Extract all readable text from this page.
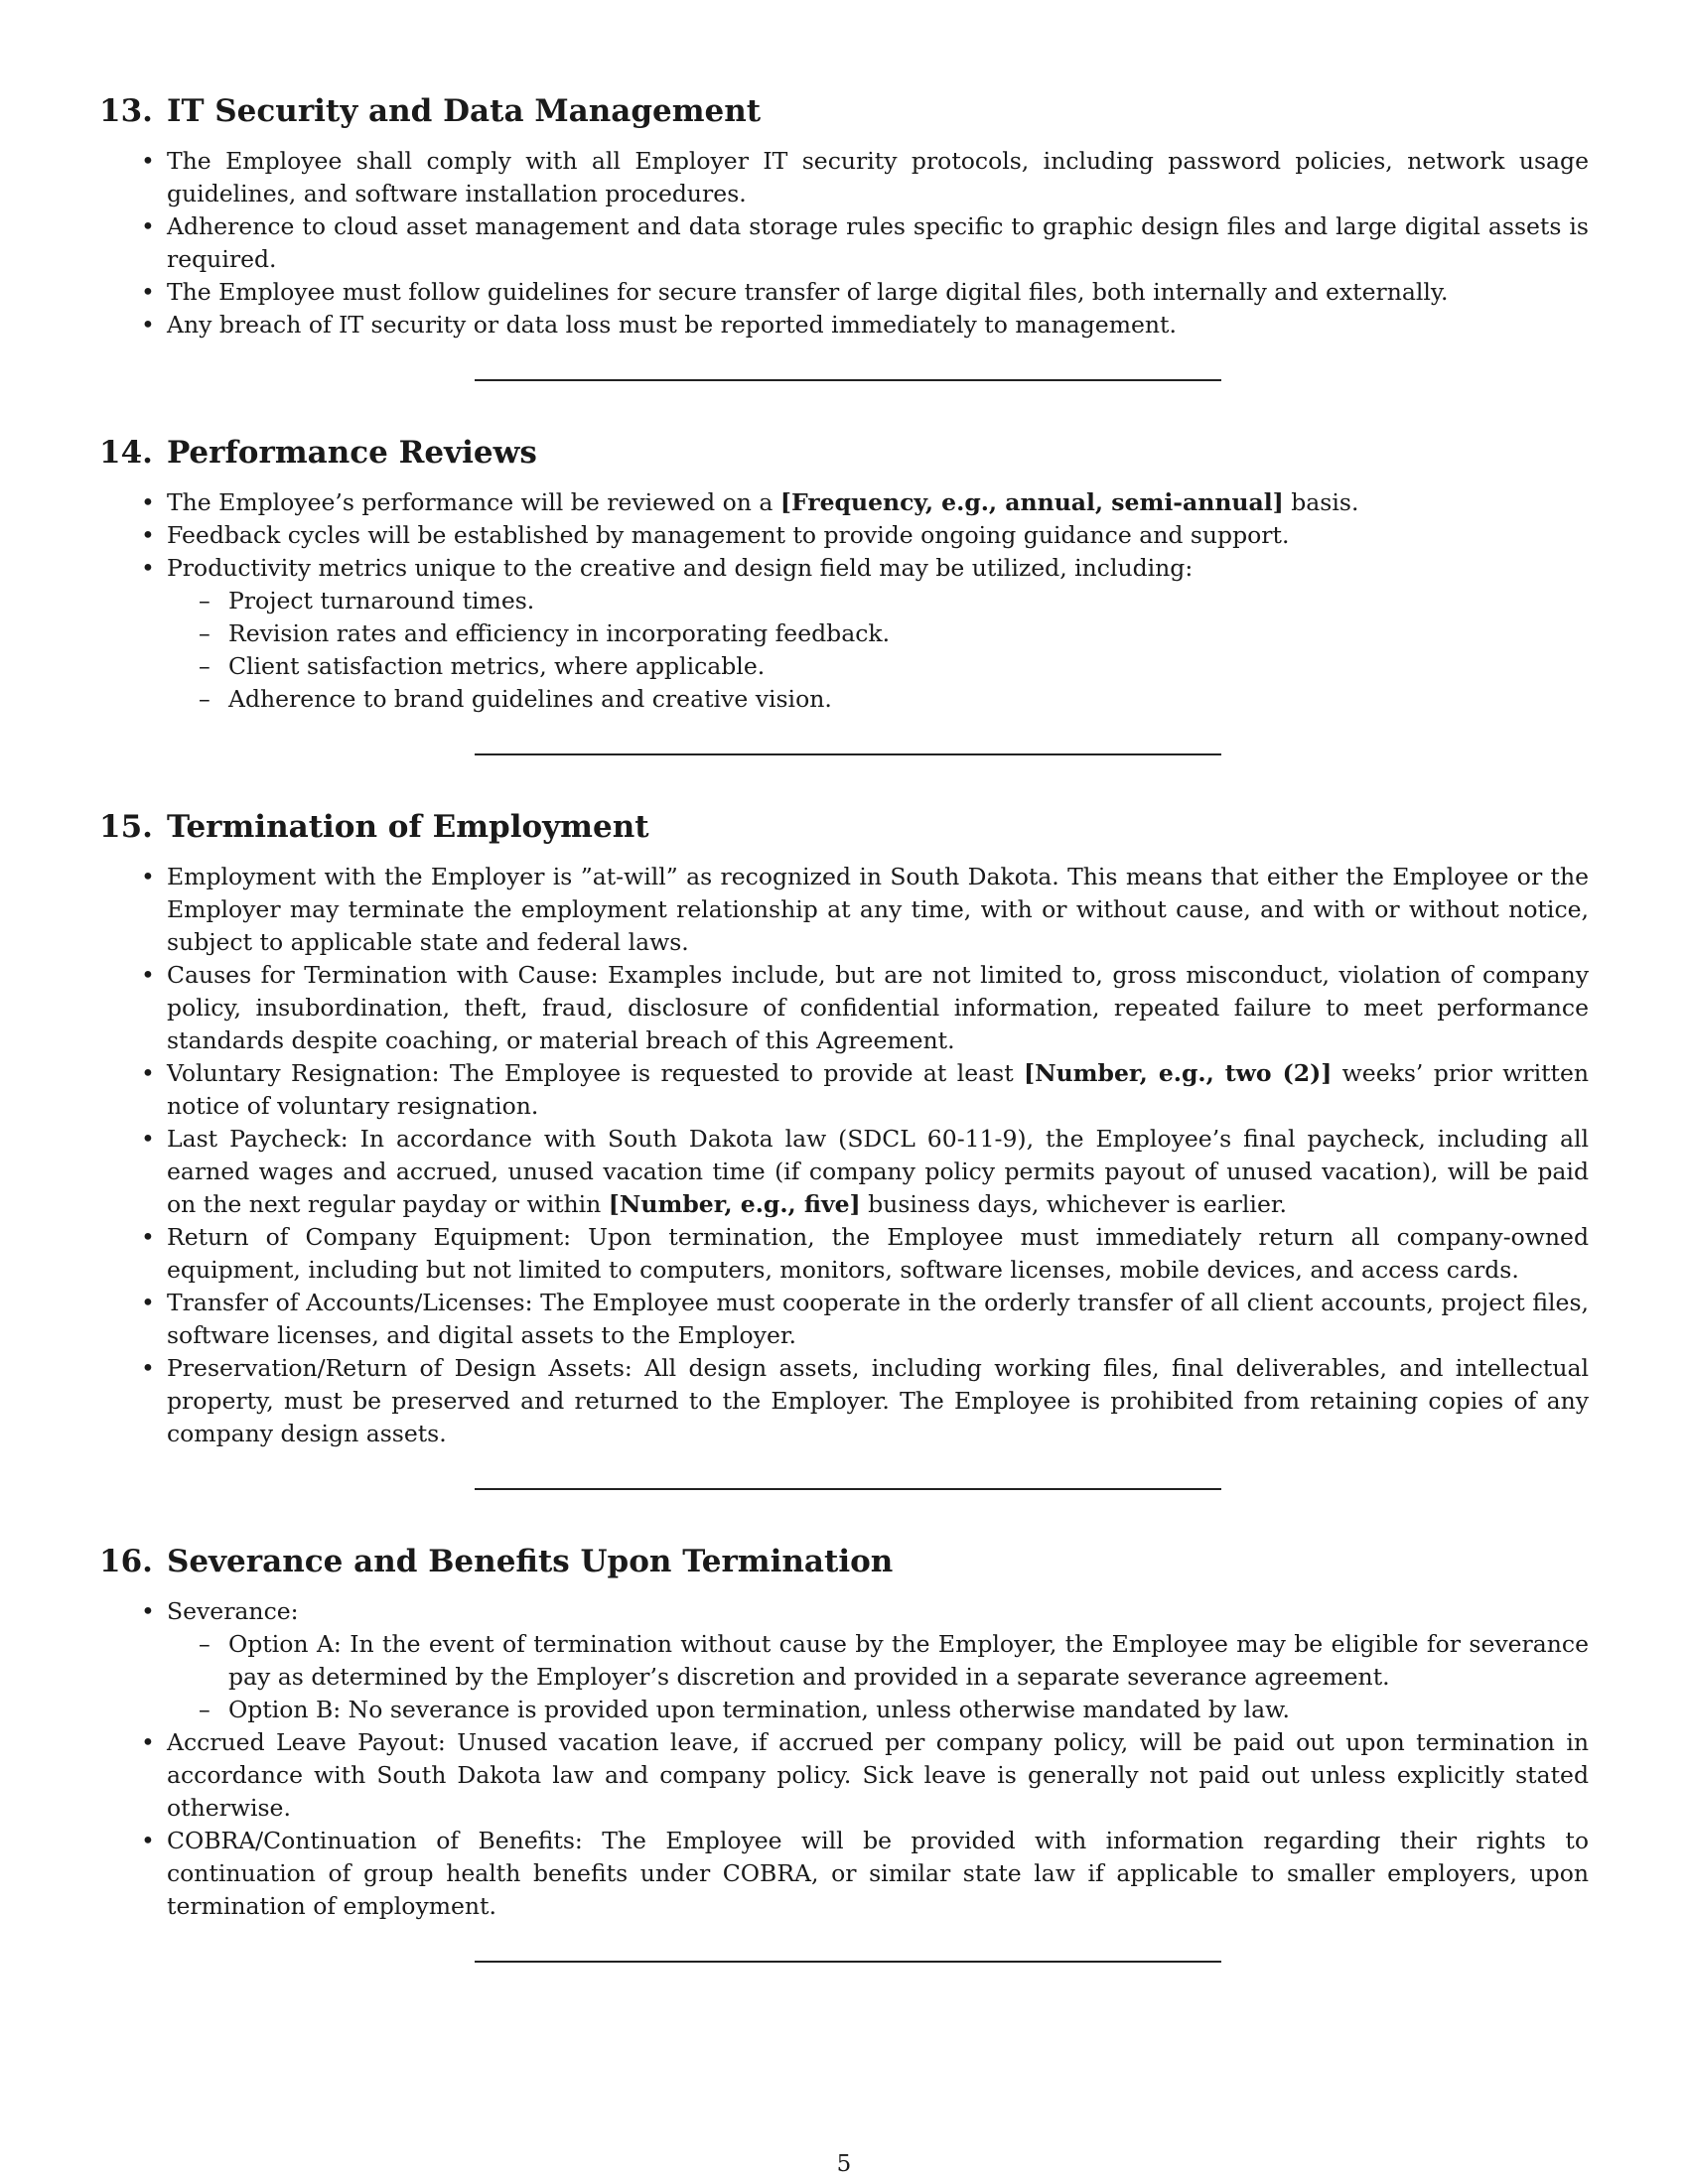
13. IT Security and Data Management
• The Employee shall comply with all Employer IT security protocols, including password policies, network usage guidelines, and software installation procedures.
• Adherence to cloud asset management and data storage rules specific to graphic design files and large digital assets is required.
• The Employee must follow guidelines for secure transfer of large digital files, both internally and externally.
• Any breach of IT security or data loss must be reported immediately to management.
14. Performance Reviews
• The Employee’s performance will be reviewed on a [Frequency, e.g., annual, semi-annual] basis.
• Feedback cycles will be established by management to provide ongoing guidance and support.
• Productivity metrics unique to the creative and design field may be utilized, including:
– Project turnaround times.
– Revision rates and efficiency in incorporating feedback.
– Client satisfaction metrics, where applicable.
– Adherence to brand guidelines and creative vision.
15. Termination of Employment
• Employment with the Employer is ”at-will” as recognized in South Dakota. This means that either the Employee or the Employer may terminate the employment relationship at any time, with or without cause, and with or without notice, subject to applicable state and federal laws.
• Causes for Termination with Cause: Examples include, but are not limited to, gross misconduct, violation of company policy, insubordination, theft, fraud, disclosure of confidential information, repeated failure to meet performance standards despite coaching, or material breach of this Agreement.
• Voluntary Resignation: The Employee is requested to provide at least [Number, e.g., two (2)] weeks’ prior written notice of voluntary resignation.
• Last Paycheck: In accordance with South Dakota law (SDCL 60-11-9), the Employee’s final paycheck, including all earned wages and accrued, unused vacation time (if company policy permits payout of unused vacation), will be paid on the next regular payday or within [Number, e.g., five] business days, whichever is earlier.
• Return of Company Equipment: Upon termination, the Employee must immediately return all company-owned equipment, including but not limited to computers, monitors, software licenses, mobile devices, and access cards.
• Transfer of Accounts/Licenses: The Employee must cooperate in the orderly transfer of all client accounts, project files, software licenses, and digital assets to the Employer.
• Preservation/Return of Design Assets: All design assets, including working files, final deliverables, and intellectual property, must be preserved and returned to the Employer. The Employee is prohibited from retaining copies of any company design assets.
16. Severance and Benefits Upon Termination
• Severance:
– Option A: In the event of termination without cause by the Employer, the Employee may be eligible for severance pay as determined by the Employer’s discretion and provided in a separate severance agreement.
– Option B: No severance is provided upon termination, unless otherwise mandated by law.
• Accrued Leave Payout: Unused vacation leave, if accrued per company policy, will be paid out upon termination in accordance with South Dakota law and company policy. Sick leave is generally not paid out unless explicitly stated otherwise.
• COBRA/Continuation of Benefits: The Employee will be provided with information regarding their rights to continuation of group health benefits under COBRA, or similar state law if applicable to smaller employers, upon termination of employment.
5
